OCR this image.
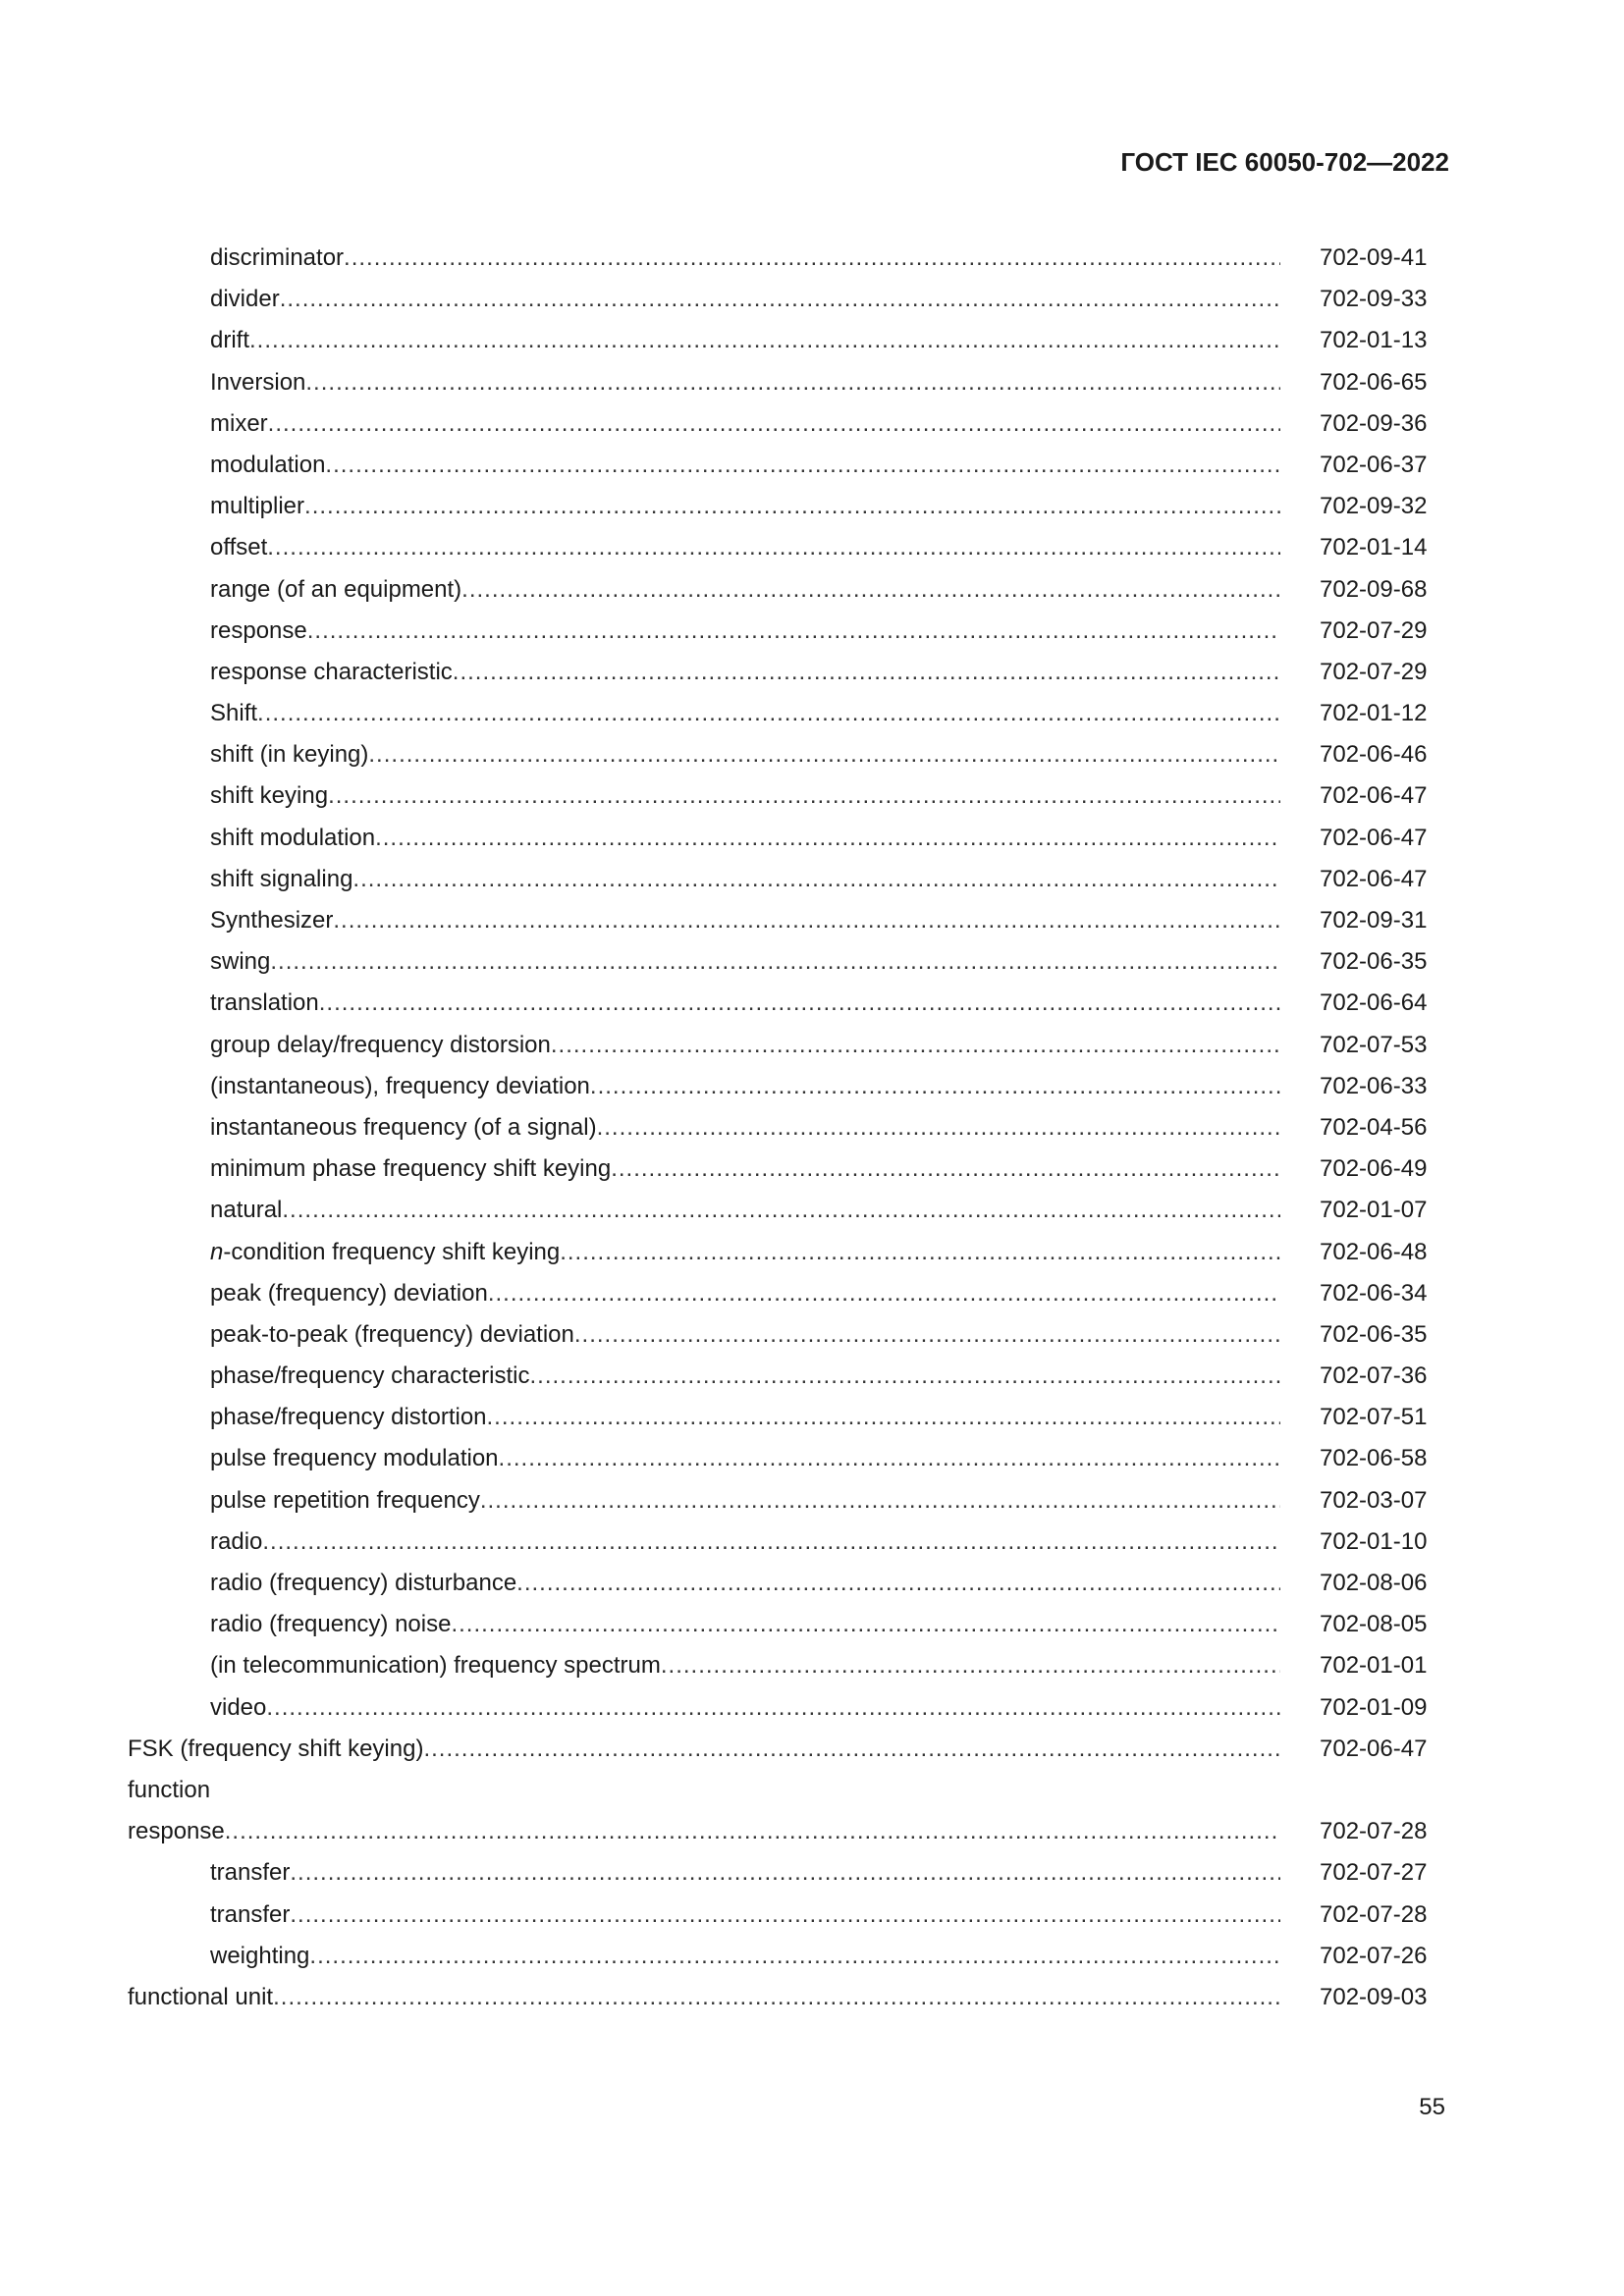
ГОСТ IEC 60050-702—2022
discriminator .....	702-09-41
divider .....	702-09-33
drift .....	702-01-13
Inversion .....	702-06-65
mixer .....	702-09-36
modulation .....	702-06-37
multiplier .....	702-09-32
offset .....	702-01-14
range (of an equipment) .....	702-09-68
response .....	702-07-29
response characteristic .....	702-07-29
Shift .....	702-01-12
shift (in keying) .....	702-06-46
shift keying .....	702-06-47
shift modulation .....	702-06-47
shift signaling .....	702-06-47
Synthesizer .....	702-09-31
swing .....	702-06-35
translation .....	702-06-64
group delay/frequency distorsion .....	702-07-53
(instantaneous), frequency deviation .....	702-06-33
instantaneous frequency (of a signal) .....	702-04-56
minimum phase frequency shift keying .....	702-06-49
natural .....	702-01-07
n-condition frequency shift keying .....	702-06-48
peak (frequency) deviation .....	702-06-34
peak-to-peak (frequency) deviation .....	702-06-35
phase/frequency characteristic .....	702-07-36
phase/frequency distortion .....	702-07-51
pulse frequency modulation .....	702-06-58
pulse repetition frequency .....	702-03-07
radio .....	702-01-10
radio (frequency) disturbance .....	702-08-06
radio (frequency) noise .....	702-08-05
(in telecommunication) frequency spectrum .....	702-01-01
video .....	702-01-09
FSK (frequency shift keying) .....	702-06-47
function
response .....	702-07-28
transfer .....	702-07-27
transfer .....	702-07-28
weighting .....	702-07-26
functional unit .....	702-09-03
55
